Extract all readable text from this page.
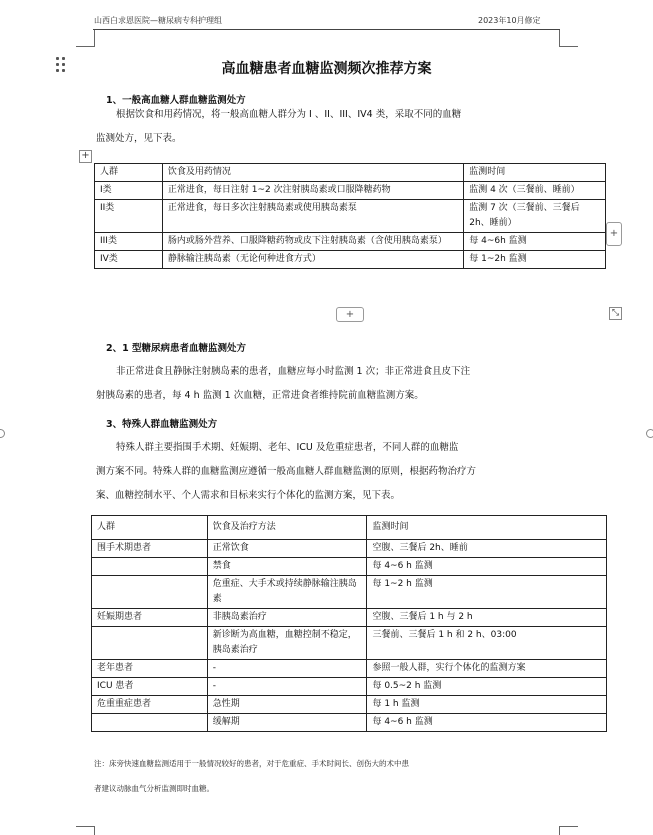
山西白求恩医院—糖尿病专科护理组	2023年10月修定
高血糖患者血糖监测频次推荐方案
1、一般高血糖人群血糖监测处方
根据饮食和用药情况，将一般高血糖人群分为 I 、II、III、IV4 类，采取不同的血糖
监测处方，见下表。
+
人群	饮食及用药情况	监测时间
I类	正常进食，每日注射 1~2 次注射胰岛素或口服降糖药物	监测 4 次（三餐前、睡前）
II类	正常进食，每日多次注射胰岛素或使用胰岛素泵	监测 7 次（三餐前、三餐后 2h、睡前）
III类	肠内或肠外营养、口服降糖药物或皮下注射胰岛素（含使用胰岛素泵）	每 4~6h 监测
IV类	静脉输注胰岛素（无论何种进食方式）	每 1~2h 监测
+
+	⤡
2、1 型糖尿病患者血糖监测处方
非正常进食且静脉注射胰岛素的患者，血糖应每小时监测 1 次；非正常进食且皮下注
射胰岛素的患者，每 4 h 监测 1 次血糖，正常进食者维持院前血糖监测方案。
3、特殊人群血糖监测处方
特殊人群主要指围手术期、妊娠期、老年、ICU 及危重症患者，不同人群的血糖监
测方案不同。特殊人群的血糖监测应遵循一般高血糖人群血糖监测的原则，根据药物治疗方
案、血糖控制水平、个人需求和目标来实行个体化的监测方案，见下表。
人群	饮食及治疗方法	监测时间
围手术期患者	正常饮食	空腹、三餐后 2h、睡前
	禁食	每 4~6 h 监测
	危重症、大手术或持续静脉输注胰岛素	每 1~2 h 监测
妊娠期患者	非胰岛素治疗	空腹、三餐后 1 h 与 2 h
	新诊断为高血糖，血糖控制不稳定，胰岛素治疗	三餐前、三餐后 1 h 和 2 h、03:00
老年患者	-	参照一般人群，实行个体化的监测方案
ICU 患者	-	每 0.5~2 h 监测
危重重症患者	急性期	每 1 h 监测
	缓解期	每 4~6 h 监测
注：床旁快速血糖监测适用于一般情况较好的患者，对于危重症、手术时间长、创伤大的术中患
者建议动脉血气分析监测即时血糖。
